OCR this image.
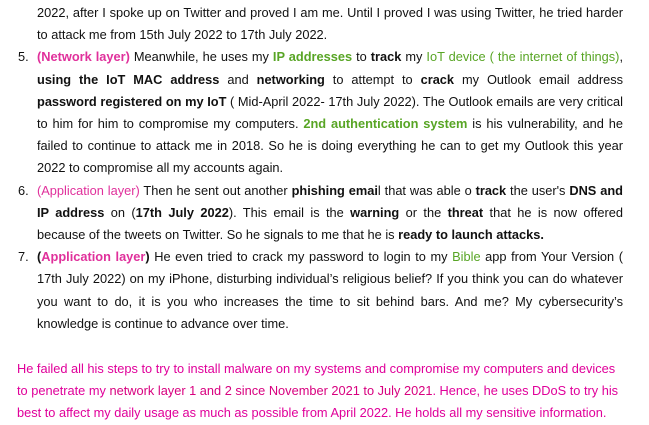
2022, after I spoke up on Twitter and proved I am me. Until I proved I was using Twitter, he tried harder to attack me from 15th July 2022 to 17th July 2022.

5. (Network layer) Meanwhile, he uses my IP addresses to track my IoT device ( the internet of things), using the IoT MAC address and networking to attempt to crack my Outlook email address password registered on my IoT ( Mid-April 2022- 17th July 2022). The Outlook emails are very critical to him for him to compromise my computers. 2nd authentication system is his vulnerability, and he failed to continue to attack me in 2018. So he is doing everything he can to get my Outlook this year 2022 to compromise all my accounts again.
6. (Application layer) Then he sent out another phishing email that was able o track the user's DNS and IP address on (17th July 2022). This email is the warning or the threat that he is now offered because of the tweets on Twitter. So he signals to me that he is ready to launch attacks.
7. (Application layer) He even tried to crack my password to login to my Bible app from Your Version ( 17th July 2022) on my iPhone, disturbing individual’s religious belief? If you think you can do whatever you want to do, it is you who increases the time to sit behind bars. And me? My cybersecurity’s knowledge is continue to advance over time.

He failed all his steps to try to install malware on my systems and compromise my computers and devices to penetrate my network layer 1 and 2 since November 2021 to July 2021. Hence, he uses DDoS to try his best to affect my daily usage as much as possible from April 2022. He holds all my sensitive information.
